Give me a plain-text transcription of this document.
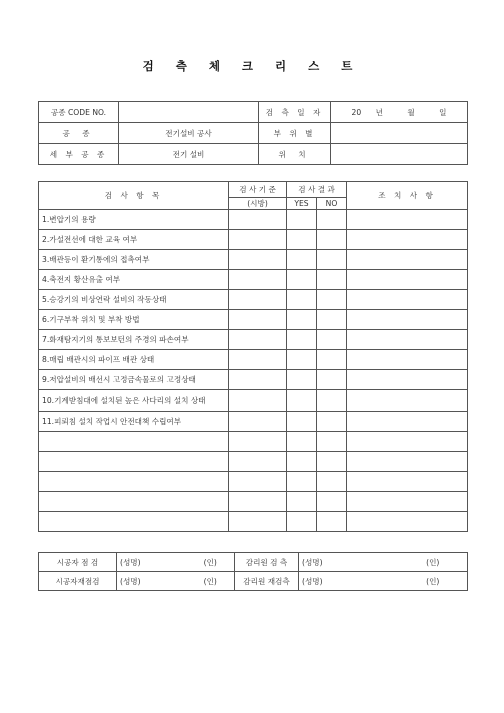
검 측 체 크 리 스 트
공종 CODE NO.		검 측 일 자	20 년 월 일
공 종	전기설비 공사	부 위 별	
세 부 공 종	전기 설비	위 치	
검 사 항 목	검 사 기 준	검 사 결 과		조 치 사 항
	(시방)	YES	NO	
1.변압기의 용량				
2.가설전선에 대한 교육 여부				
3.배관등이 환기통에의 접촉여부				
4.축전지 황산유출 여부				
5.승강기의 비상연락 설비의 작동상태				
6.기구부착 위치 및 부착 방법				
7.화재탐지기의 통보보턴의 주경의 파손여부				
8.매립 배관시의 파이프 배관 상태				
9.저압설비의 배선시 고정금속물로의 고정상태				
10.기계받침대에 설치된 높은 사다리의 설치 상태				
11.피뢰침 설치 작업시 안전대책 수립여부				

시공자 점 검	(성명)	(인)	감리원 검 측	(성명)	(인)
시공자재점검	(성명)	(인)	감리원 재검측	(성명)	(인)
